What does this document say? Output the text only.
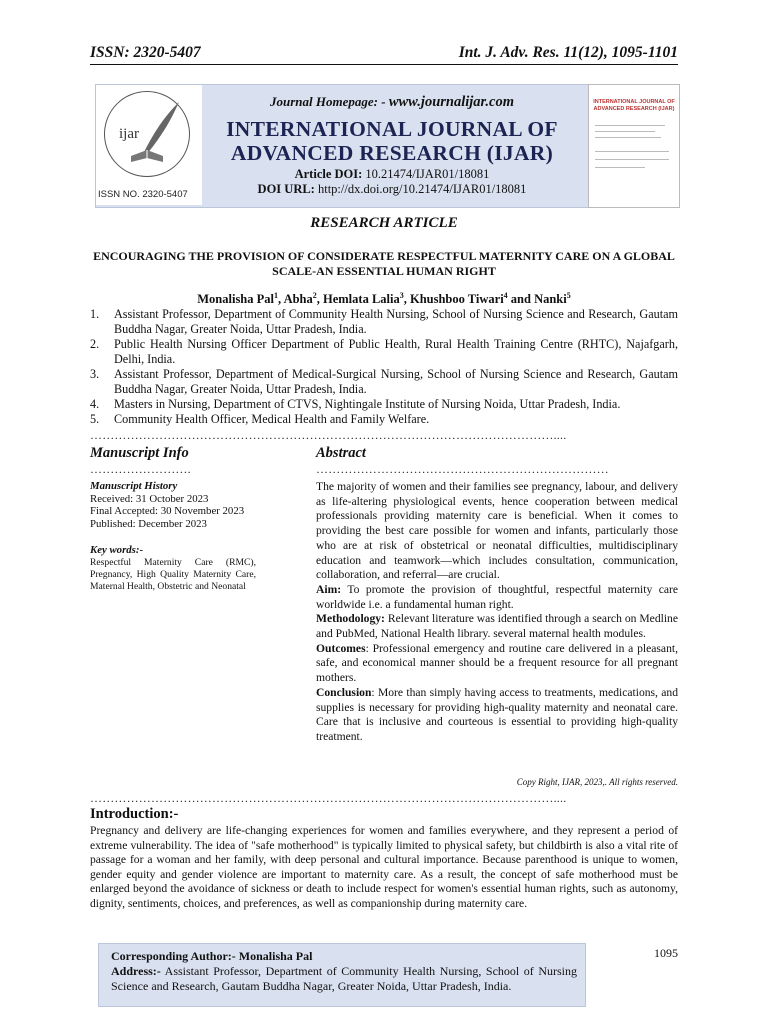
ISSN: 2320-5407	Int. J. Adv. Res. 11(12), 1095-1101
ijar
ISSN NO. 2320-5407
INTERNATIONAL JOURNAL OF ADVANCED RESEARCH (IJAR)
Journal Homepage: - www.journalijar.com
INTERNATIONAL JOURNAL OF
ADVANCED RESEARCH (IJAR)
Article DOI: 10.21474/IJAR01/18081
DOI URL: http://dx.doi.org/10.21474/IJAR01/18081
RESEARCH ARTICLE
ENCOURAGING THE PROVISION OF CONSIDERATE RESPECTFUL MATERNITY CARE ON A GLOBAL SCALE-AN ESSENTIAL HUMAN RIGHT
Monalisha Pal$^1$, Abha$^2$, Hemlata Lalia$^3$, Khushboo Tiwari$^4$ and Nanki$^5$
1. Assistant Professor, Department of Community Health Nursing, School of Nursing Science and Research, Gautam Buddha Nagar, Greater Noida, Uttar Pradesh, India.
2. Public Health Nursing Officer Department of Public Health, Rural Health Training Centre (RHTC), Najafgarh, Delhi, India.
3. Assistant Professor, Department of Medical-Surgical Nursing, School of Nursing Science and Research, Gautam Buddha Nagar, Greater Noida, Uttar Pradesh, India.
4. Masters in Nursing, Department of CTVS, Nightingale Institute of Nursing Noida, Uttar Pradesh, India.
5. Community Health Officer, Medical Health and Family Welfare.
……………………………………………………………………………………………………....
Manuscript Info
…………………….
Abstract
………………………………………………………………
Manuscript History
Received: 31 October 2023
Final Accepted: 30 November 2023
Published: December 2023
Key words:-
Respectful Maternity Care (RMC), Pregnancy, High Quality Maternity Care, Maternal Health, Obstetric and Neonatal

The majority of women and their families see pregnancy, labour, and delivery as life-altering physiological events, hence cooperation between medical professionals providing maternity care is beneficial. When it comes to providing the best care possible for women and infants, particularly those who are at risk of obstetrical or neonatal difficulties, multidisciplinary education and teamwork—which includes consultation, communication, collaboration, and referral—are crucial.

Aim: To promote the provision of thoughtful, respectful maternity care worldwide i.e. a fundamental human right.

Methodology: Relevant literature was identified through a search on Medline and PubMed, National Health library. several maternal health modules.

Outcomes: Professional emergency and routine care delivered in a pleasant, safe, and economical manner should be a frequent resource for all pregnant mothers.

Conclusion: More than simply having access to treatments, medications, and supplies is necessary for providing high-quality maternity and neonatal care. Care that is inclusive and courteous is essential to providing high-quality treatment.

Copy Right, IJAR, 2023,. All rights reserved.
……………………………………………………………………………………………………....
Introduction:-

Pregnancy and delivery are life-changing experiences for women and families everywhere, and they represent a period of extreme vulnerability. The idea of "safe motherhood" is typically limited to physical safety, but childbirth is also a vital rite of passage for a woman and her family, with deep personal and cultural importance. Because parenthood is unique to women, gender equity and gender violence are important to maternity care. As a result, the concept of safe motherhood must be enlarged beyond the avoidance of sickness or death to include respect for women's essential human rights, such as autonomy, dignity, sentiments, choices, and preferences, as well as companionship during maternity care.

Corresponding Author:- Monalisha Pal
Address:- Assistant Professor, Department of Community Health Nursing, School of Nursing Science and Research, Gautam Buddha Nagar, Greater Noida, Uttar Pradesh, India.
1095
